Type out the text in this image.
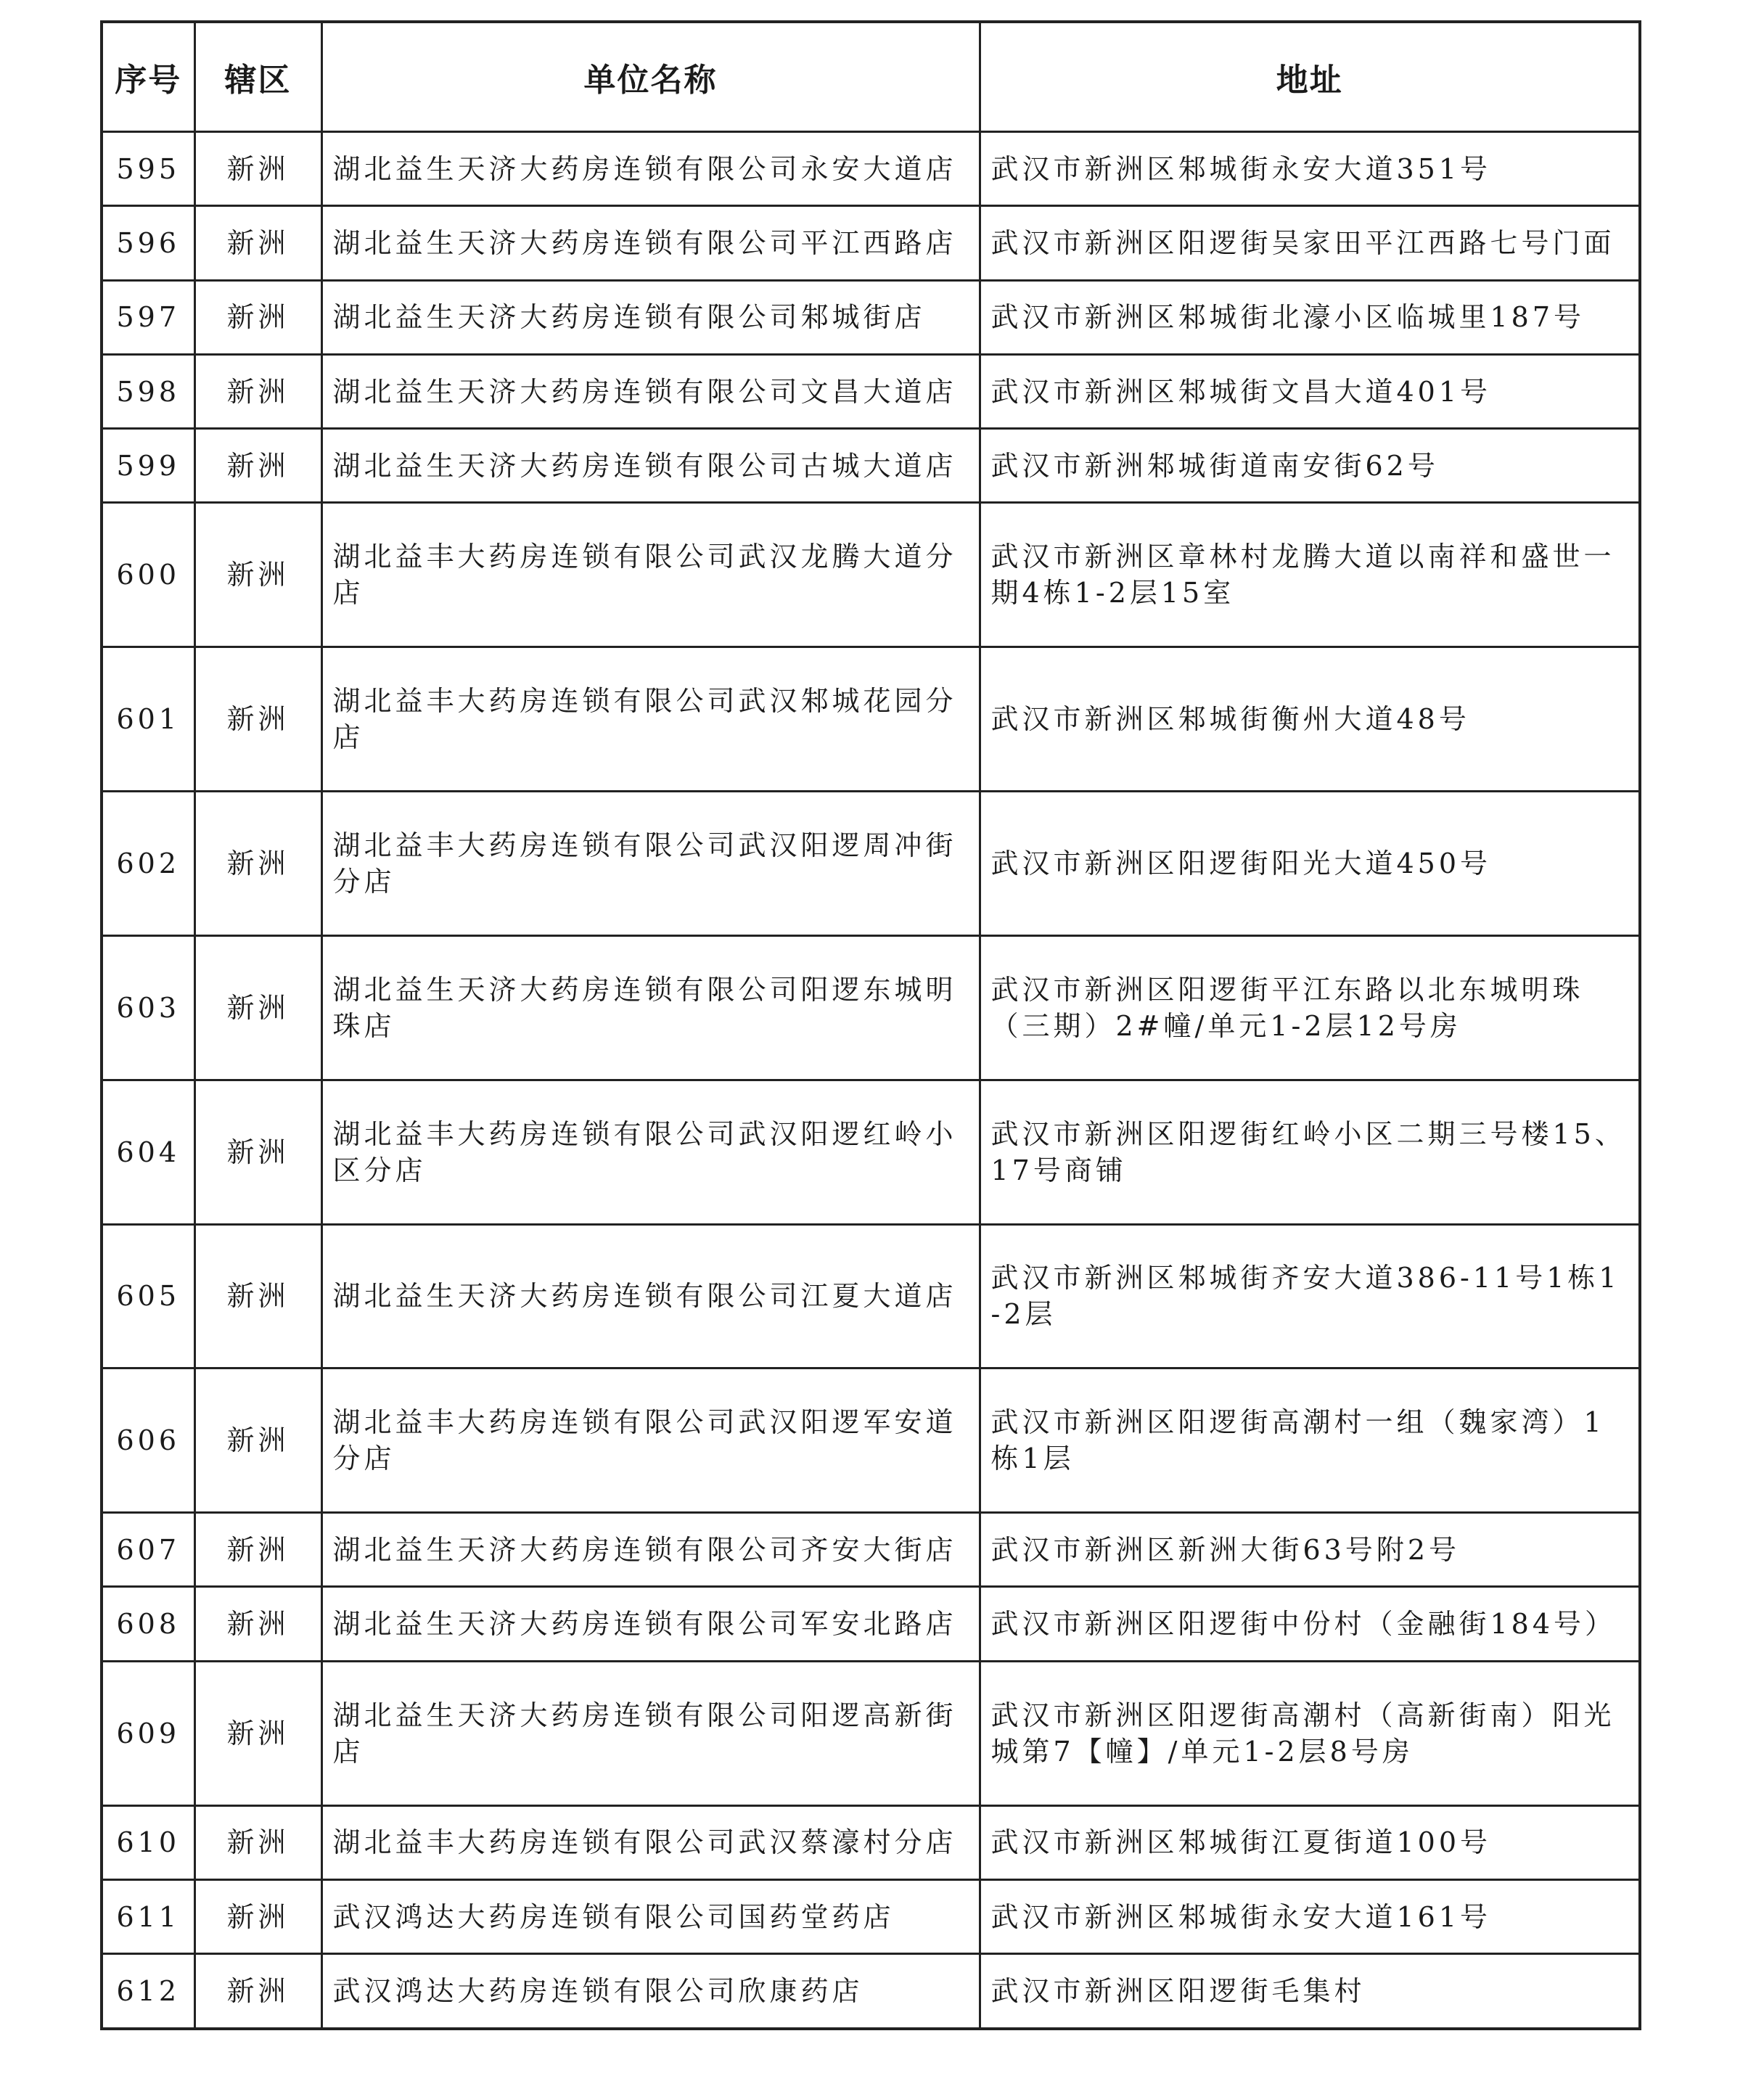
序号	辖区	单位名称	地址
595	新洲	湖北益生天济大药房连锁有限公司永安大道店	武汉市新洲区邾城街永安大道351号
596	新洲	湖北益生天济大药房连锁有限公司平江西路店	武汉市新洲区阳逻街吴家田平江西路七号门面
597	新洲	湖北益生天济大药房连锁有限公司邾城街店	武汉市新洲区邾城街北濠小区临城里187号
598	新洲	湖北益生天济大药房连锁有限公司文昌大道店	武汉市新洲区邾城街文昌大道401号
599	新洲	湖北益生天济大药房连锁有限公司古城大道店	武汉市新洲邾城街道南安街62号
600	新洲	湖北益丰大药房连锁有限公司武汉龙腾大道分店	武汉市新洲区章林村龙腾大道以南祥和盛世一期4栋1-2层15室
601	新洲	湖北益丰大药房连锁有限公司武汉邾城花园分店	武汉市新洲区邾城街衡州大道48号
602	新洲	湖北益丰大药房连锁有限公司武汉阳逻周冲街分店	武汉市新洲区阳逻街阳光大道450号
603	新洲	湖北益生天济大药房连锁有限公司阳逻东城明珠店	武汉市新洲区阳逻街平江东路以北东城明珠（三期）2#幢/单元1-2层12号房
604	新洲	湖北益丰大药房连锁有限公司武汉阳逻红岭小区分店	武汉市新洲区阳逻街红岭小区二期三号楼15、17号商铺
605	新洲	湖北益生天济大药房连锁有限公司江夏大道店	武汉市新洲区邾城街齐安大道386-11号1栋1-2层
606	新洲	湖北益丰大药房连锁有限公司武汉阳逻军安道分店	武汉市新洲区阳逻街高潮村一组（魏家湾）1栋1层
607	新洲	湖北益生天济大药房连锁有限公司齐安大街店	武汉市新洲区新洲大街63号附2号
608	新洲	湖北益生天济大药房连锁有限公司军安北路店	武汉市新洲区阳逻街中份村（金融街184号）
609	新洲	湖北益生天济大药房连锁有限公司阳逻高新街店	武汉市新洲区阳逻街高潮村（高新街南）阳光城第7【幢】/单元1-2层8号房
610	新洲	湖北益丰大药房连锁有限公司武汉蔡濠村分店	武汉市新洲区邾城街江夏街道100号
611	新洲	武汉鸿达大药房连锁有限公司国药堂药店	武汉市新洲区邾城街永安大道161号
612	新洲	武汉鸿达大药房连锁有限公司欣康药店	武汉市新洲区阳逻街毛集村
